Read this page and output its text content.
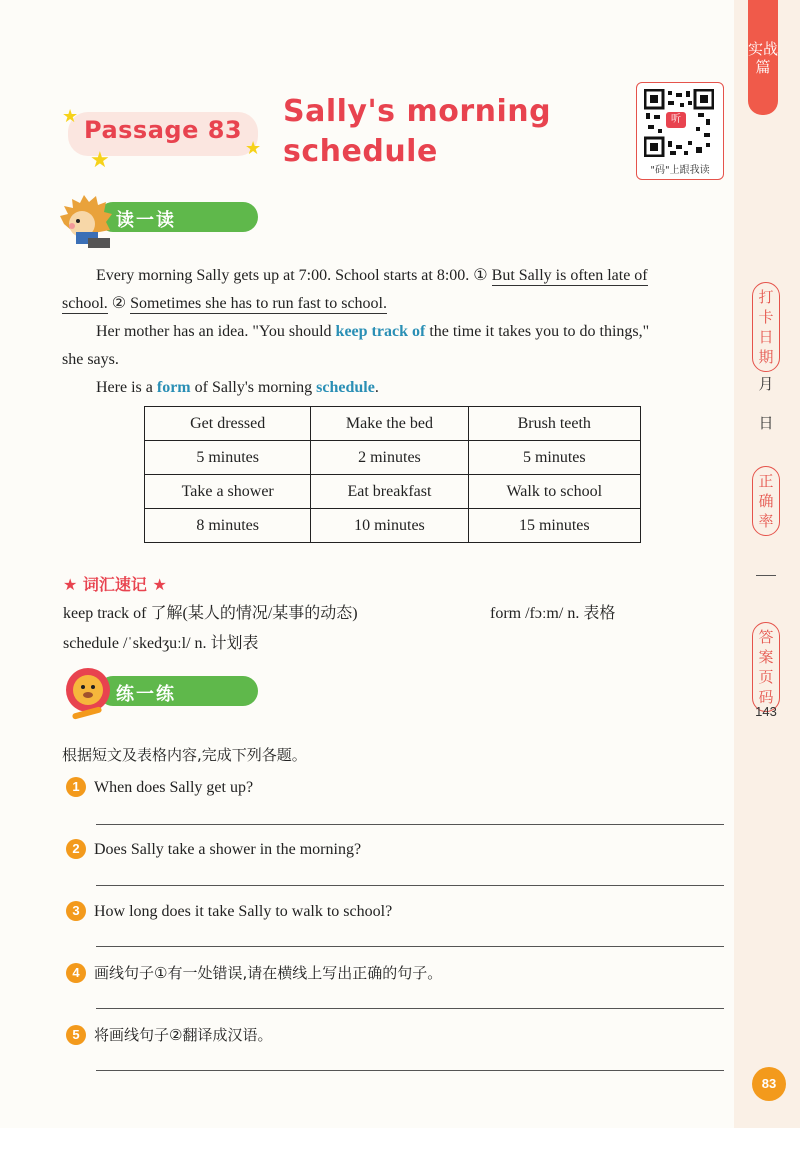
实战篇
打卡日期
月
日
正确率
答案页码
143
83
★
★	★
Passage 83
Sally's morning
schedule
听
"码"上跟我读
读一读
Every morning Sally gets up at 7:00. School starts at 8:00. ① But Sally is often late of
school. ② Sometimes she has to run fast to school.
Her mother has an idea. "You should keep track of the time it takes you to do things,"
she says.
Here is a form of Sally's morning schedule.
Get dressed	Make the bed	Brush teeth
5 minutes	2 minutes	5 minutes
Take a shower	Eat breakfast	Walk to school
8 minutes	10 minutes	15 minutes
★ 词汇速记 ★
keep track of 了解(某人的情况/某事的动态)	form /fɔːm/ n. 表格
schedule /ˈskedʒuːl/ n. 计划表
练一练
根据短文及表格内容,完成下列各题。
1 When does Sally get up?
2 Does Sally take a shower in the morning?
3 How long does it take Sally to walk to school?
4 画线句子①有一处错误,请在横线上写出正确的句子。
5 将画线句子②翻译成汉语。
